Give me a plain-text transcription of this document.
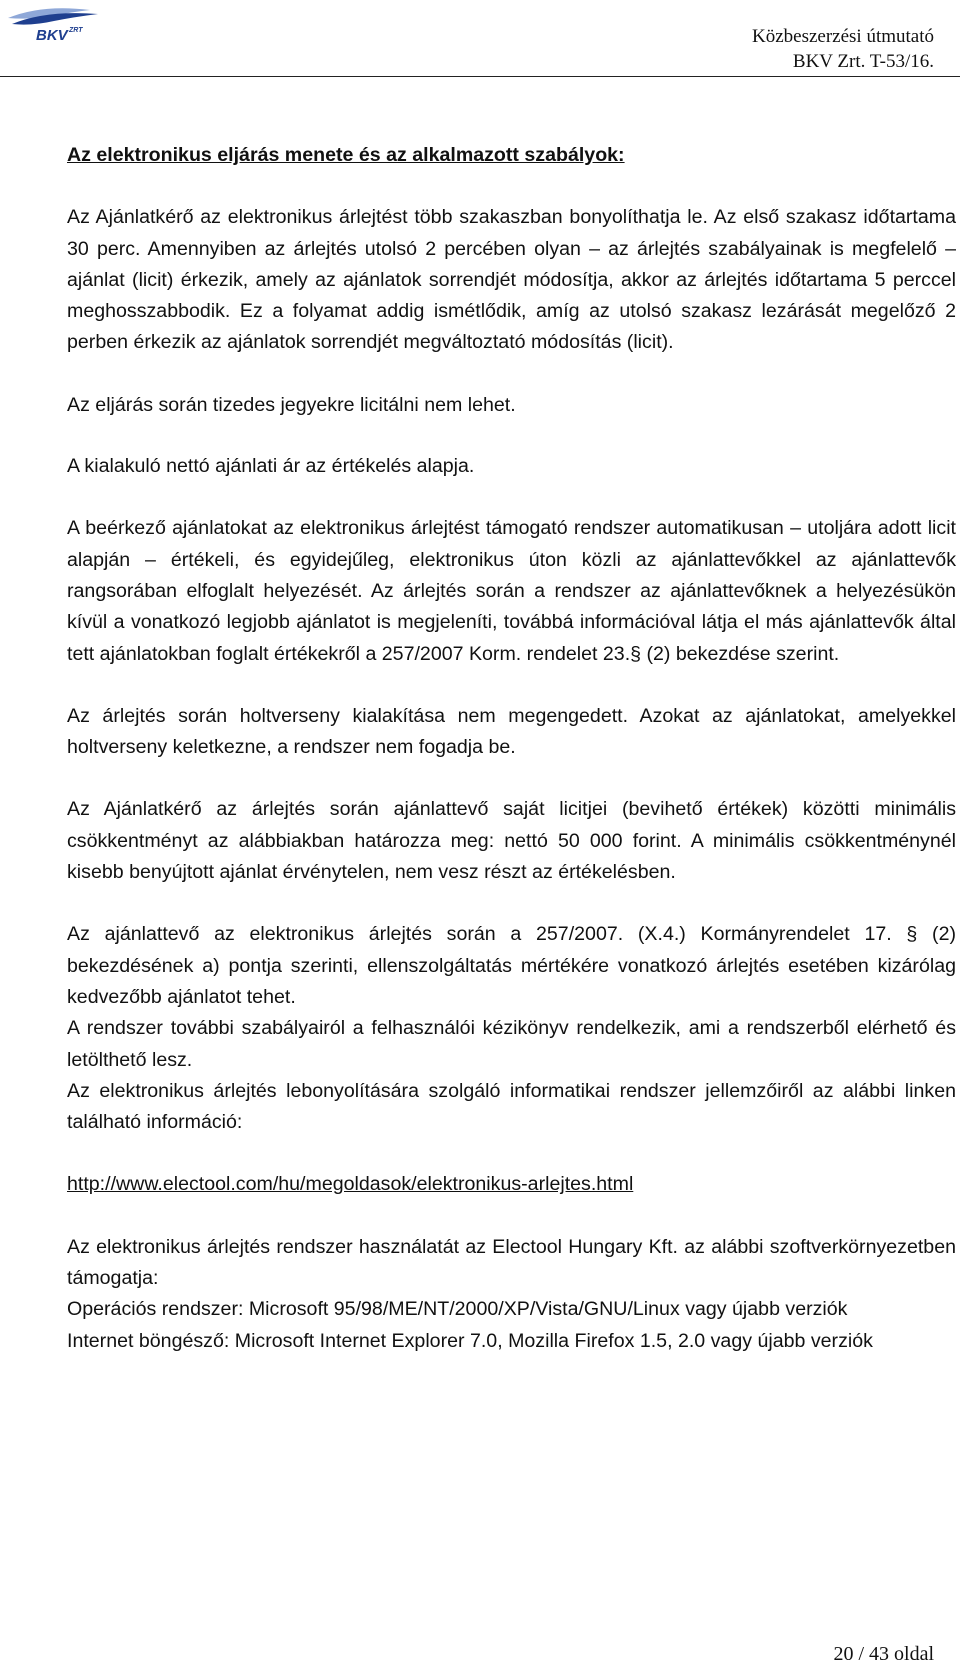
BKV ZRT	Közbeszerzési útmutató
BKV Zrt. T-53/16.

Az elektronikus eljárás menete és az alkalmazott szabályok:

Az Ajánlatkérő az elektronikus árlejtést több szakaszban bonyolíthatja le. Az első szakasz időtartama 30 perc. Amennyiben az árlejtés utolsó 2 percében olyan – az árlejtés szabályainak is megfelelő – ajánlat (licit) érkezik, amely az ajánlatok sorrendjét módosítja, akkor az árlejtés időtartama 5 perccel meghosszabbodik. Ez a folyamat addig ismétlődik, amíg az utolsó szakasz lezárását megelőző 2 perben érkezik az ajánlatok sorrendjét megváltoztató módosítás (licit).

Az eljárás során tizedes jegyekre licitálni nem lehet.

A kialakuló nettó ajánlati ár az értékelés alapja.

A beérkező ajánlatokat az elektronikus árlejtést támogató rendszer automatikusan – utoljára adott licit alapján – értékeli, és egyidejűleg, elektronikus úton közli az ajánlattevőkkel az ajánlattevők rangsorában elfoglalt helyezését. Az árlejtés során a rendszer az ajánlattevőknek a helyezésükön kívül a vonatkozó legjobb ajánlatot is megjeleníti, továbbá információval látja el más ajánlattevők által tett ajánlatokban foglalt értékekről a 257/2007 Korm. rendelet 23.§ (2) bekezdése szerint.

Az árlejtés során holtverseny kialakítása nem megengedett. Azokat az ajánlatokat, amelyekkel holtverseny keletkezne, a rendszer nem fogadja be.

Az Ajánlatkérő az árlejtés során ajánlattevő saját licitjei (bevihető értékek) közötti minimális csökkentményt az alábbiakban határozza meg: nettó 50 000 forint. A minimális csökkentménynél kisebb benyújtott ajánlat érvénytelen, nem vesz részt az értékelésben.

Az ajánlattevő az elektronikus árlejtés során a 257/2007. (X.4.) Kormányrendelet 17. § (2) bekezdésének a) pontja szerinti, ellenszolgáltatás mértékére vonatkozó árlejtés esetében kizárólag kedvezőbb ajánlatot tehet.

A rendszer további szabályairól a felhasználói kézikönyv rendelkezik, ami a rendszerből elérhető és letölthető lesz.

Az elektronikus árlejtés lebonyolítására szolgáló informatikai rendszer jellemzőiről az alábbi linken található információ:

http://www.electool.com/hu/megoldasok/elektronikus-arlejtes.html

Az elektronikus árlejtés rendszer használatát az Electool Hungary Kft. az alábbi szoftverkörnyezetben támogatja:

Operációs rendszer: Microsoft 95/98/ME/NT/2000/XP/Vista/GNU/Linux vagy újabb verziók

Internet böngésző: Microsoft Internet Explorer 7.0, Mozilla Firefox 1.5, 2.0 vagy újabb verziók

20 / 43 oldal
